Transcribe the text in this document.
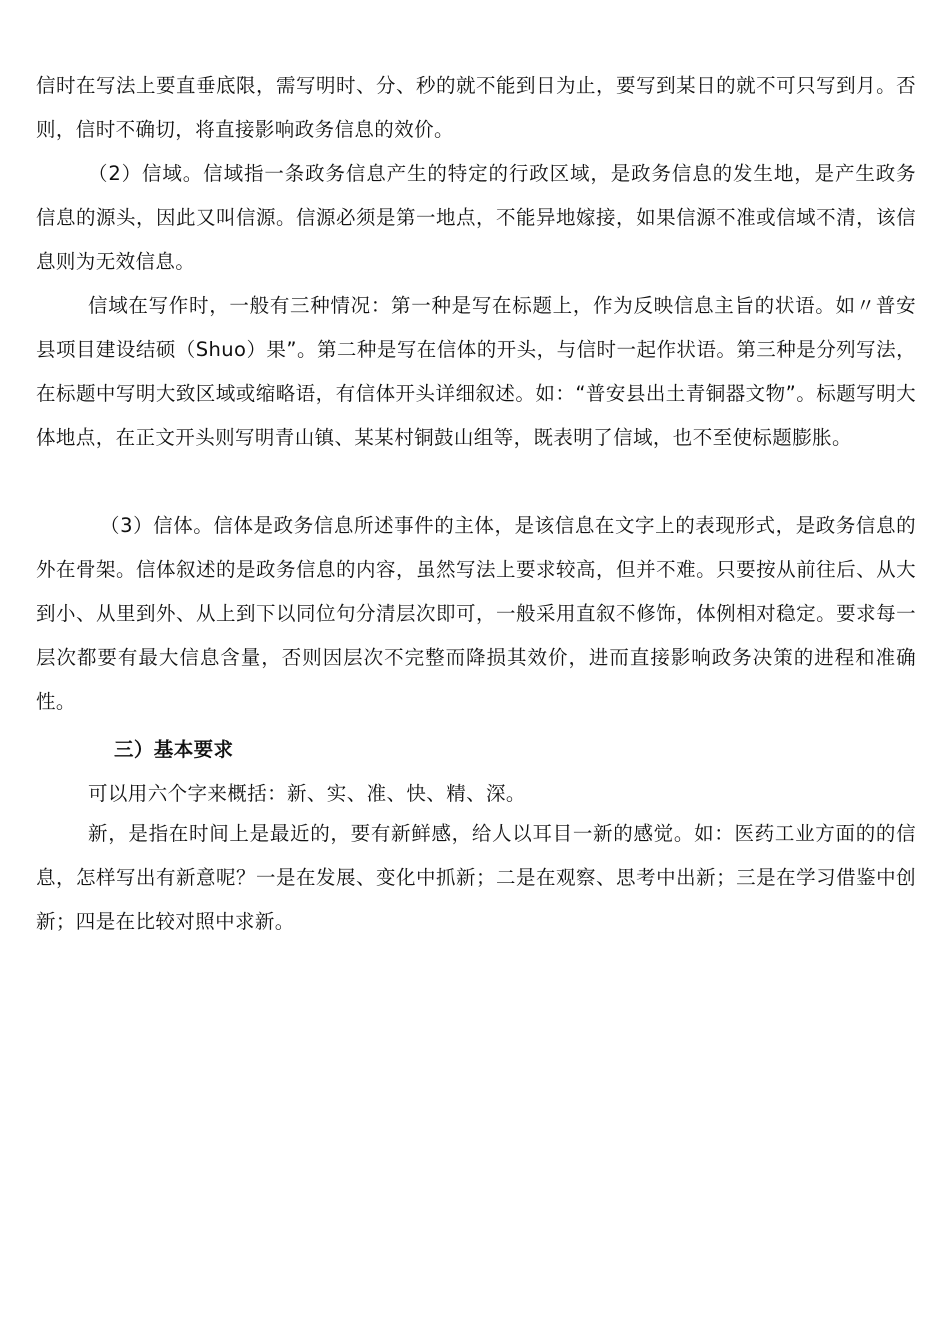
信时在写法上要直垂底限，需写明时、分、秒的就不能到日为止，要写到某日的就不可只写到月。否则，信时不确切，将直接影响政务信息的效价。

（2）信域。信域指一条政务信息产生的特定的行政区域，是政务信息的发生地，是产生政务信息的源头，因此又叫信源。信源必须是第一地点，不能异地嫁接，如果信源不准或信域不清，该信息则为无效信息。

信域在写作时，一般有三种情况：第一种是写在标题上，作为反映信息主旨的状语。如〃普安县项目建设结硕（Shuo）果”。第二种是写在信体的开头，与信时一起作状语。第三种是分列写法，在标题中写明大致区域或缩略语，有信体开头详细叙述。如：“普安县出土青铜器文物”。标题写明大体地点，在正文开头则写明青山镇、某某村铜鼓山组等，既表明了信域，也不至使标题膨胀。

（3）信体。信体是政务信息所述事件的主体，是该信息在文字上的表现形式，是政务信息的外在骨架。信体叙述的是政务信息的内容，虽然写法上要求较高，但并不难。只要按从前往后、从大到小、从里到外、从上到下以同位句分清层次即可，一般采用直叙不修饰，体例相对稳定。要求每一层次都要有最大信息含量，否则因层次不完整而降损其效价，进而直接影响政务决策的进程和准确性。

三）基本要求

可以用六个字来概括：新、实、准、快、精、深。

新，是指在时间上是最近的，要有新鲜感，给人以耳目一新的感觉。如：医药工业方面的的信息，怎样写出有新意呢？一是在发展、变化中抓新；二是在观察、思考中出新；三是在学习借鉴中创新；四是在比较对照中求新。
